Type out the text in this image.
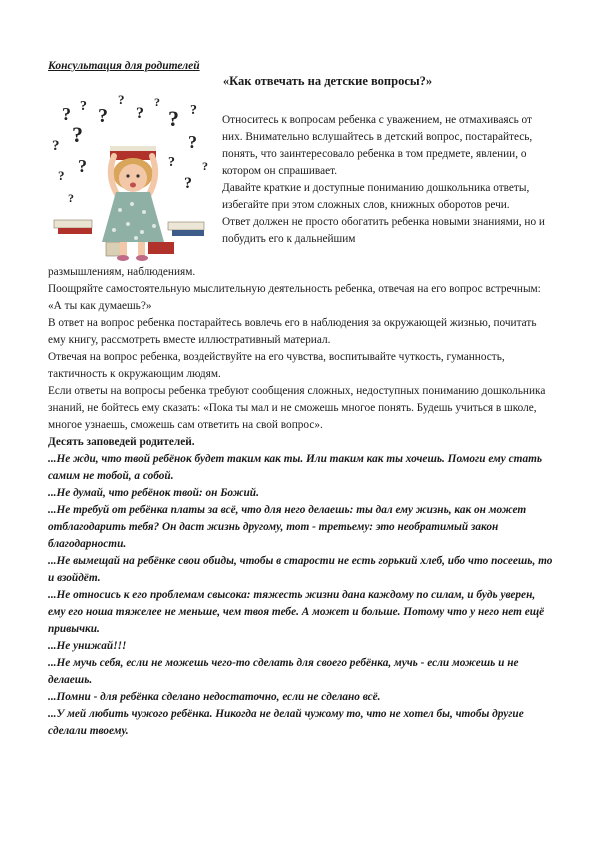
Консультация для родителей
«Как отвечать на детские вопросы?»
? ? ?
?
?
?
? ?
? ?	?
?
? ?	?
?
?

Относитесь к вопросам ребенка с уважением, не отмахиваясь от них. Внимательно вслушайтесь в детский вопрос, постарайтесь, понять, что заинтересовало ребенка в том предмете, явлении, о котором он спрашивает.

Давайте краткие и доступные пониманию дошкольника ответы, избегайте при этом сложных слов, книжных оборотов речи.

Ответ должен не просто обогатить ребенка новыми знаниями, но и побудить его к дальнейшим

размышлениям, наблюдениям.

Поощряйте самостоятельную мыслительную деятельность ребенка, отвечая на его вопрос встречным: «А ты как думаешь?»

В ответ на вопрос ребенка постарайтесь вовлечь его в наблюдения за окружающей жизнью, почитать ему книгу, рассмотреть вместе иллюстративный материал.

Отвечая на вопрос ребенка, воздействуйте на его чувства, воспитывайте чуткость, гуманность, тактичность к окружающим людям.

Если ответы на вопросы ребенка требуют сообщения сложных, недоступных пониманию дошкольника знаний, не бойтесь ему сказать: «Пока ты мал и не сможешь многое понять. Будешь учиться в школе, многое узнаешь, сможешь сам ответить на свой вопрос».

Десять заповедей родителей.

...Не жди, что твой ребёнок будет таким как ты. Или таким как ты хочешь. Помоги ему стать самим не тобой, а собой.

...Не думай, что ребёнок твой: он Божий.

...Не требуй от ребёнка платы за всё, что для него делаешь: ты дал ему жизнь, как он может отблагодарить тебя? Он даст жизнь другому, тот - третьему: это необратимый закон благодарности.

...Не вымещай на ребёнке свои обиды, чтобы в старости не есть горький хлеб, ибо что посеешь, то и взойдёт.

...Не относись к его проблемам свысока: тяжесть жизни дана каждому по силам, и будь уверен, ему его ноша тяжелее не меньше, чем твоя тебе. А может и больше. Потому что у него нет ещё привычки.

...Не унижай!!!

...Не мучь себя, если не можешь чего-то сделать для своего ребёнка, мучь - если можешь и не делаешь.

...Помни - для ребёнка сделано недостаточно, если не сделано всё.

...У мей любить чужого ребёнка. Никогда не делай чужому то, что не хотел бы, чтобы другие сделали твоему.
